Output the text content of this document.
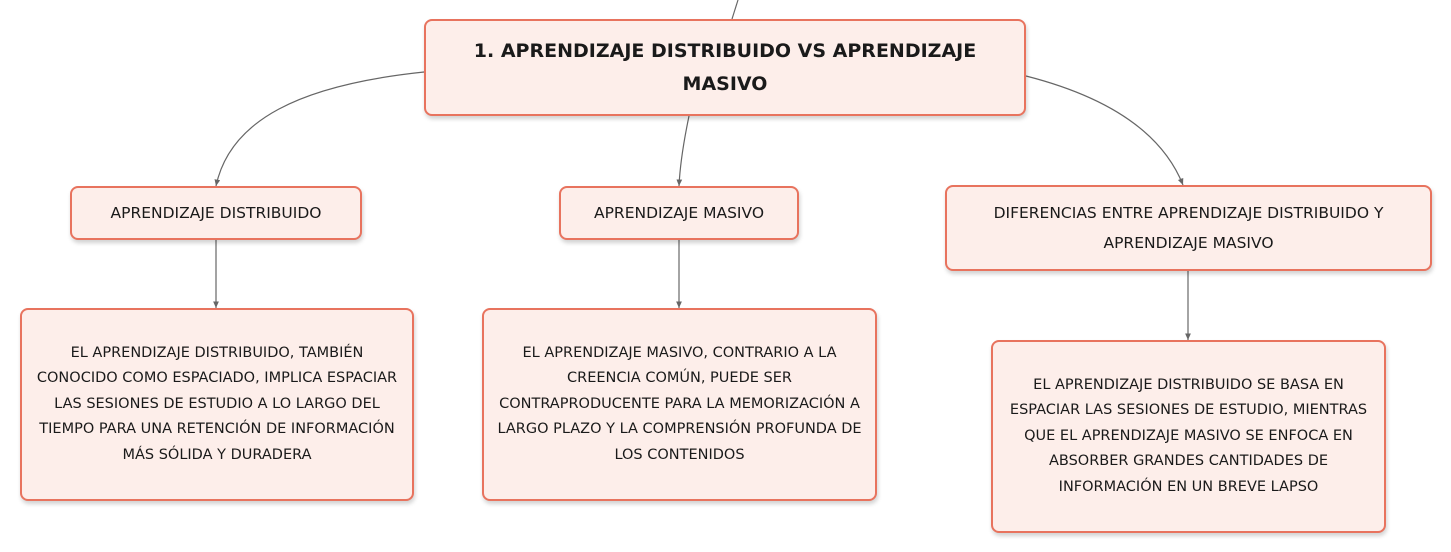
1. APRENDIZAJE DISTRIBUIDO VS APRENDIZAJE MASIVO
APRENDIZAJE DISTRIBUIDO	APRENDIZAJE MASIVO	DIFERENCIAS ENTRE APRENDIZAJE DISTRIBUIDO Y APRENDIZAJE MASIVO
EL APRENDIZAJE DISTRIBUIDO, TAMBIÉN CONOCIDO COMO ESPACIADO, IMPLICA ESPACIAR LAS SESIONES DE ESTUDIO A LO LARGO DEL TIEMPO PARA UNA RETENCIÓN DE INFORMACIÓN MÁS SÓLIDA Y DURADERA
EL APRENDIZAJE MASIVO, CONTRARIO A LA CREENCIA COMÚN, PUEDE SER CONTRAPRODUCENTE PARA LA MEMORIZACIÓN A LARGO PLAZO Y LA COMPRENSIÓN PROFUNDA DE LOS CONTENIDOS
EL APRENDIZAJE DISTRIBUIDO SE BASA EN ESPACIAR LAS SESIONES DE ESTUDIO, MIENTRAS QUE EL APRENDIZAJE MASIVO SE ENFOCA EN ABSORBER GRANDES CANTIDADES DE INFORMACIÓN EN UN BREVE LAPSO
